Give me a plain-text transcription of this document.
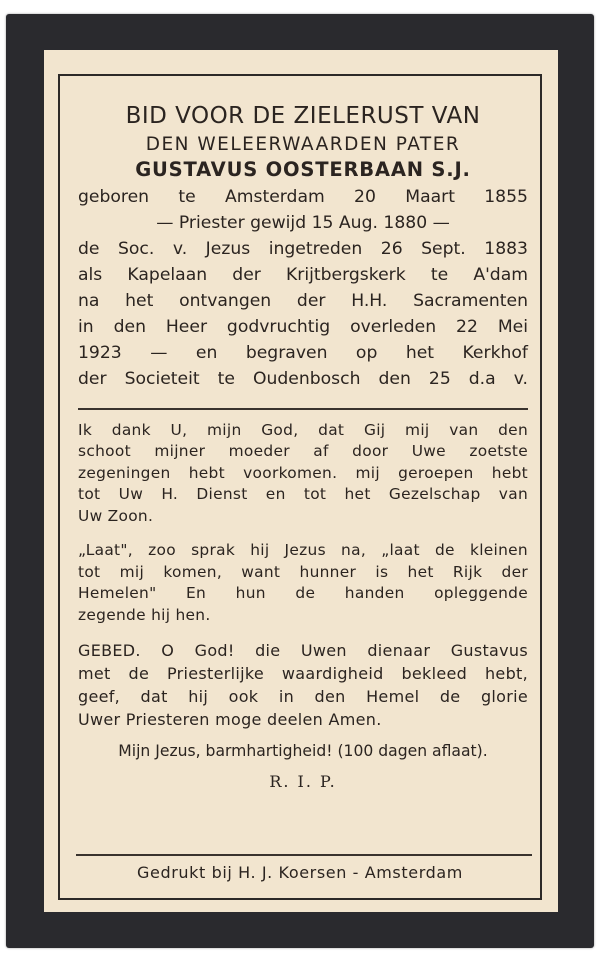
BID VOOR DE ZIELERUST VAN
DEN WELEERWAARDEN PATER
GUSTAVUS OOSTERBAAN S.J.
geboren te Amsterdam 20 Maart 1855
— Priester gewijd 15 Aug. 1880 —
de Soc. v. Jezus ingetreden 26 Sept. 1883
als Kapelaan der Krijtbergskerk te A'dam
na het ontvangen der H.H. Sacramenten
in den Heer godvruchtig overleden 22 Mei
1923 — en begraven op het Kerkhof
der Societeit te Oudenbosch den 25 d.a v.
Ik dank U, mijn God, dat Gij mij van den
schoot mijner moeder af door Uwe zoetste
zegeningen hebt voorkomen. mij geroepen hebt
tot Uw H. Dienst en tot het Gezelschap van
Uw Zoon.
„Laat", zoo sprak hij Jezus na, „laat de kleinen
tot mij komen, want hunner is het Rijk der
Hemelen" En hun de handen opleggende
zegende hij hen.
GEBED. O God! die Uwen dienaar Gustavus
met de Priesterlijke waardigheid bekleed hebt,
geef, dat hij ook in den Hemel de glorie
Uwer Priesteren moge deelen Amen.
Mijn Jezus, barmhartigheid! (100 dagen aflaat).
R. I. P.
Gedrukt bij H. J. Koersen - Amsterdam
